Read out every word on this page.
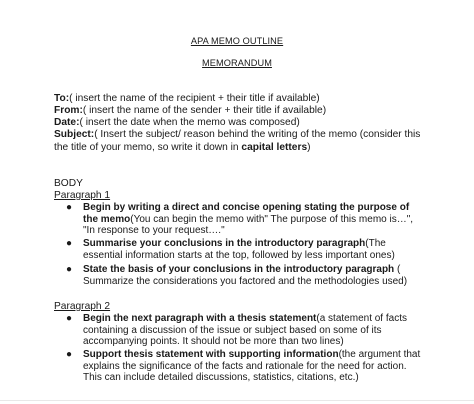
APA MEMO OUTLINE
MEMORANDUM
To:( insert the name of the recipient + their title if available)
From:( insert the name of the sender + their title if available)
Date:( insert the date when the memo was composed)
Subject:( Insert the subject/ reason behind the writing of the memo (consider this the title of your memo, so write it down in capital letters)
BODY
Paragraph 1
● Begin by writing a direct and concise opening stating the purpose of the memo(You can begin the memo with" The purpose of this memo is…", "In response to your request…."
● Summarise your conclusions in the introductory paragraph(The essential information starts at the top, followed by less important ones)
● State the basis of your conclusions in the introductory paragraph ( Summarize the considerations you factored and the methodologies used)
Paragraph 2
● Begin the next paragraph with a thesis statement(a statement of facts containing a discussion of the issue or subject based on some of its accompanying points. It should not be more than two lines)
● Support thesis statement with supporting information(the argument that explains the significance of the facts and rationale for the need for action. This can include detailed discussions, statistics, citations, etc.)
